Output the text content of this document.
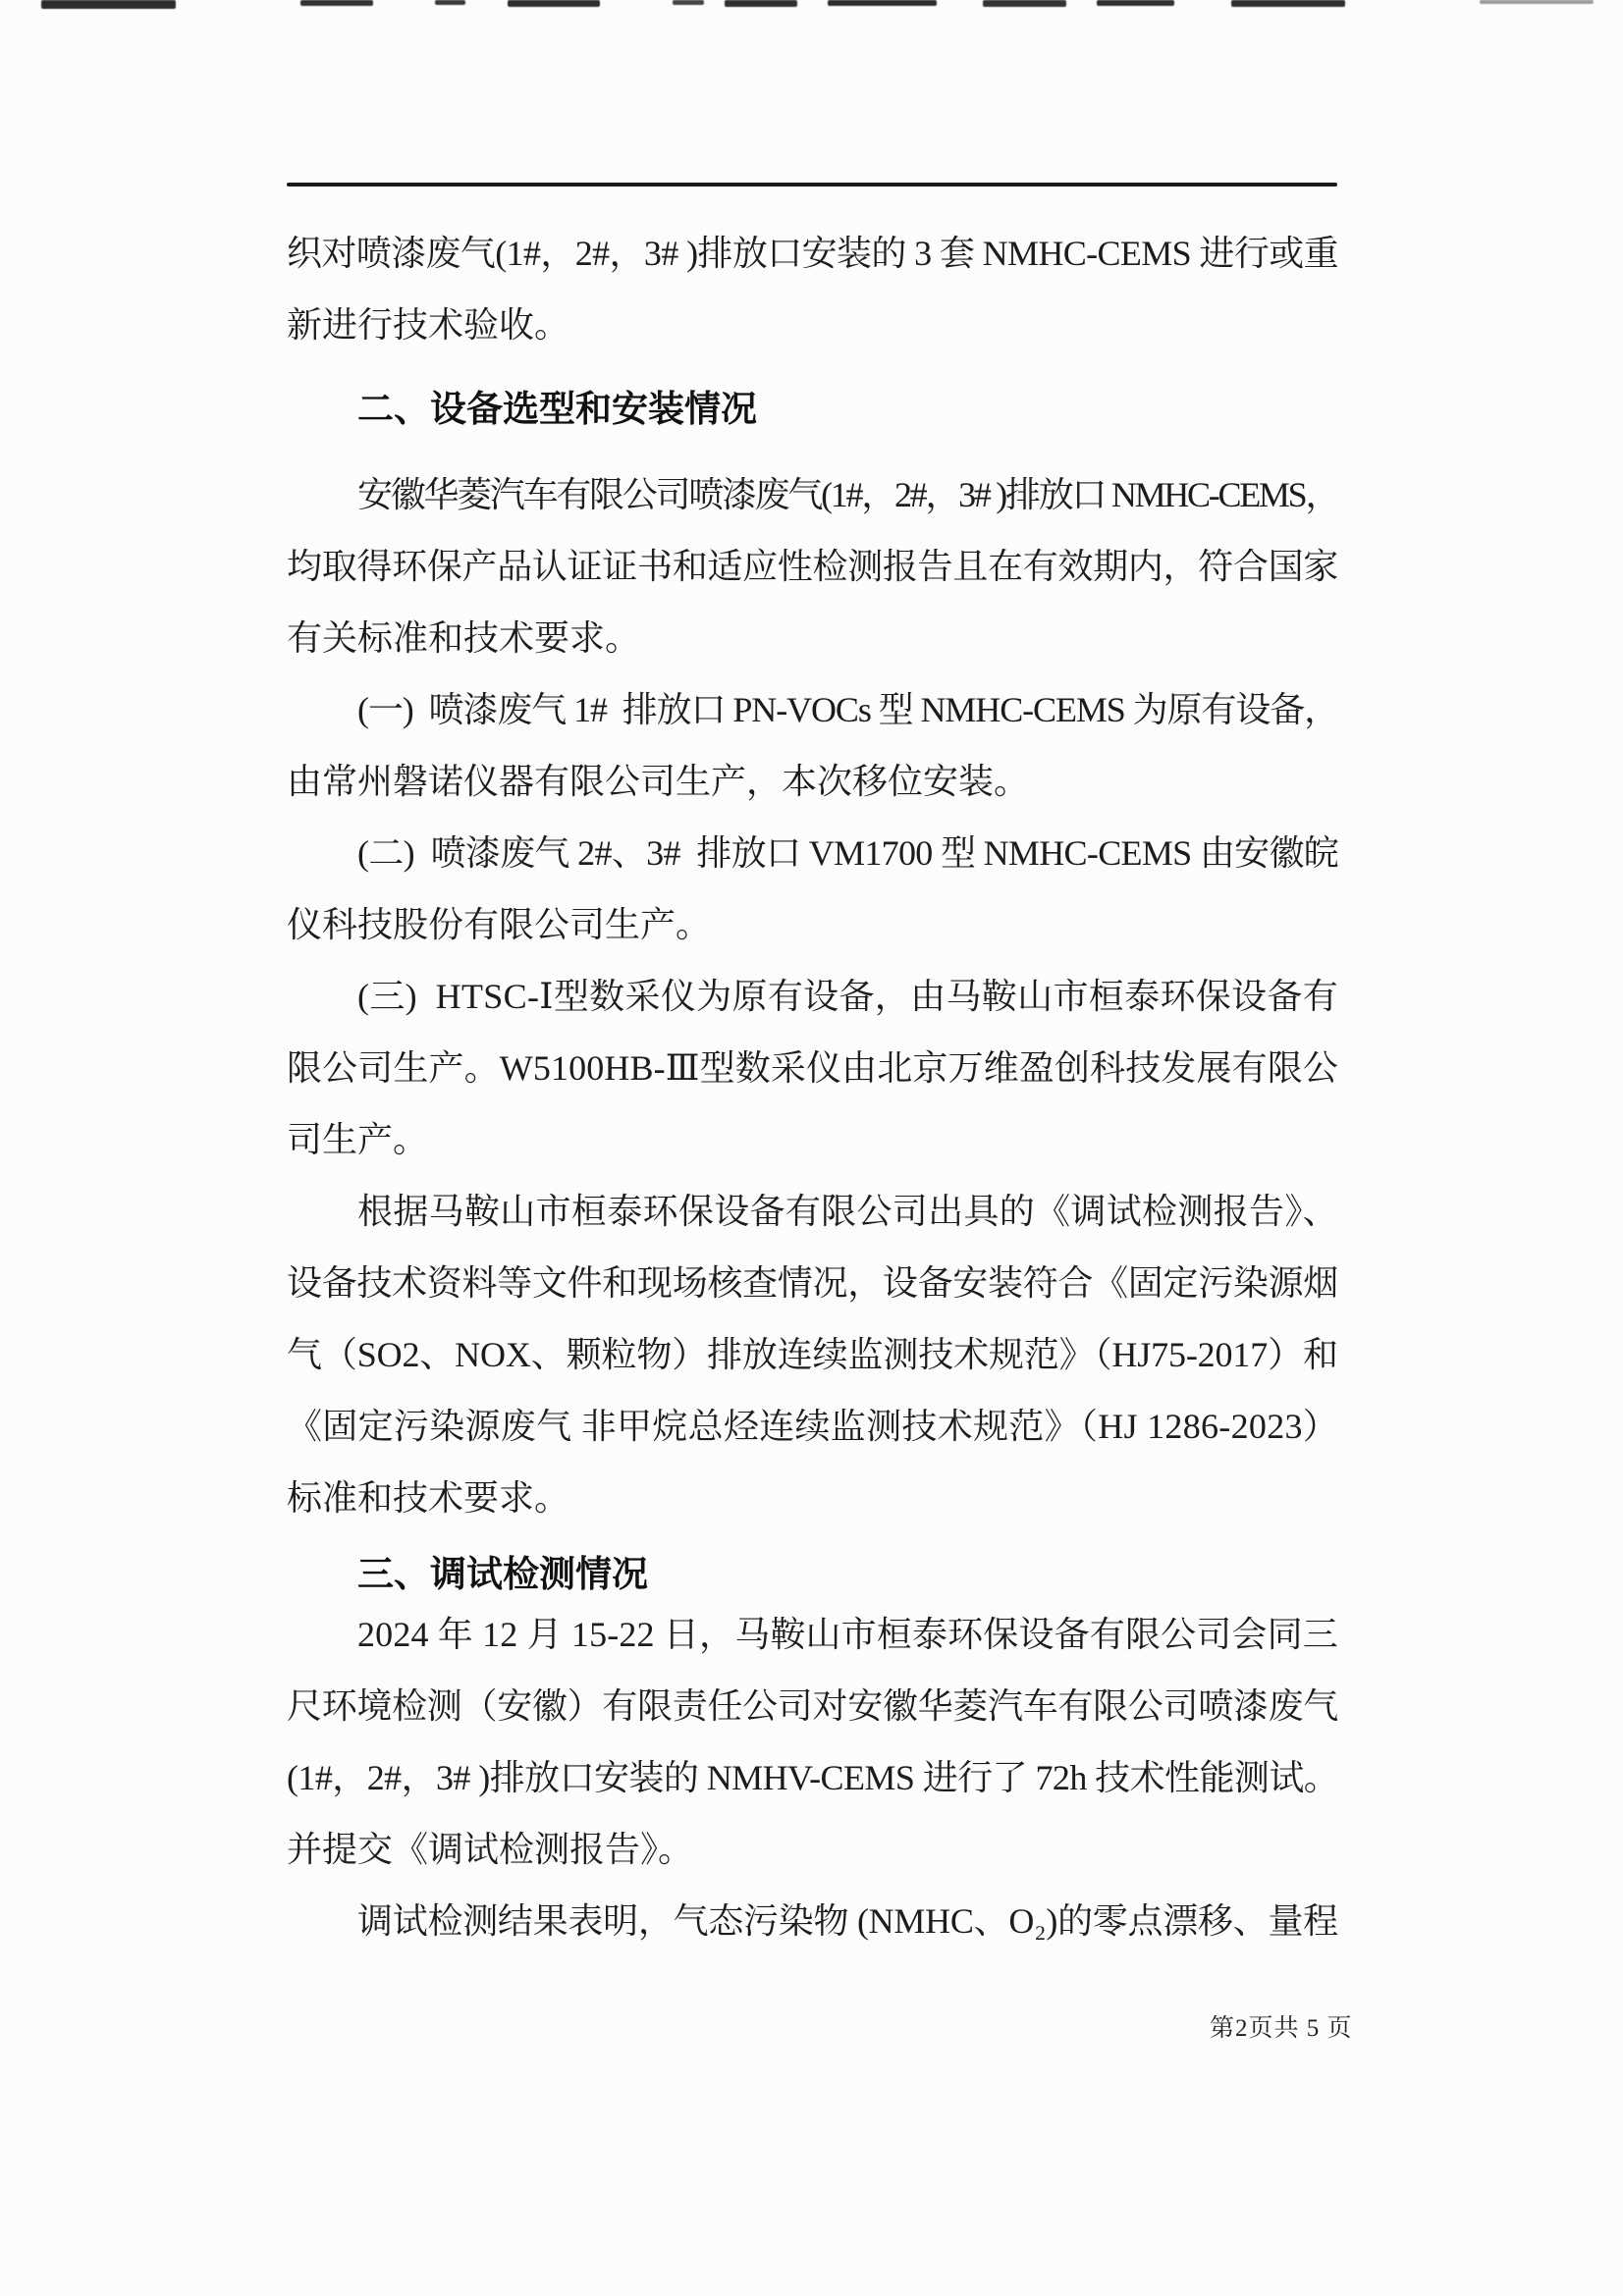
织对喷漆废气(1#，2#，3# )排放口安装的 3 套 NMHC-CEMS 进行或重
新进行技术验收。
二、设备选型和安装情况
安徽华菱汽车有限公司喷漆废气(1#，2#，3# )排放口 NMHC-CEMS，
均取得环保产品认证证书和适应性检测报告且在有效期内，符合国家
有关标准和技术要求。
(一)  喷漆废气 1#  排放口 PN-VOCs 型 NMHC-CEMS 为原有设备，
由常州磐诺仪器有限公司生产，本次移位安装。
(二)  喷漆废气 2#、3#  排放口 VM1700 型 NMHC-CEMS 由安徽皖
仪科技股份有限公司生产。
(三)  HTSC-Ⅰ型数采仪为原有设备，由马鞍山市桓泰环保设备有
限公司生产。W5100HB-Ⅲ型数采仪由北京万维盈创科技发展有限公
司生产。
根据马鞍山市桓泰环保设备有限公司出具的《调试检测报告》、
设备技术资料等文件和现场核查情况，设备安装符合《固定污染源烟
气（SO2、NOX、颗粒物）排放连续监测技术规范》（HJ75-2017）和
《固定污染源废气 非甲烷总烃连续监测技术规范》（HJ 1286-2023）
标准和技术要求。
三、调试检测情况
2024 年 12 月 15-22 日，马鞍山市桓泰环保设备有限公司会同三
尺环境检测（安徽）有限责任公司对安徽华菱汽车有限公司喷漆废气
(1#，2#，3# )排放口安装的 NMHV-CEMS 进行了 72h 技术性能测试。
并提交《调试检测报告》。
调试检测结果表明，气态污染物 (NMHC、O₂)的零点漂移、量程
第2页共 5 页
